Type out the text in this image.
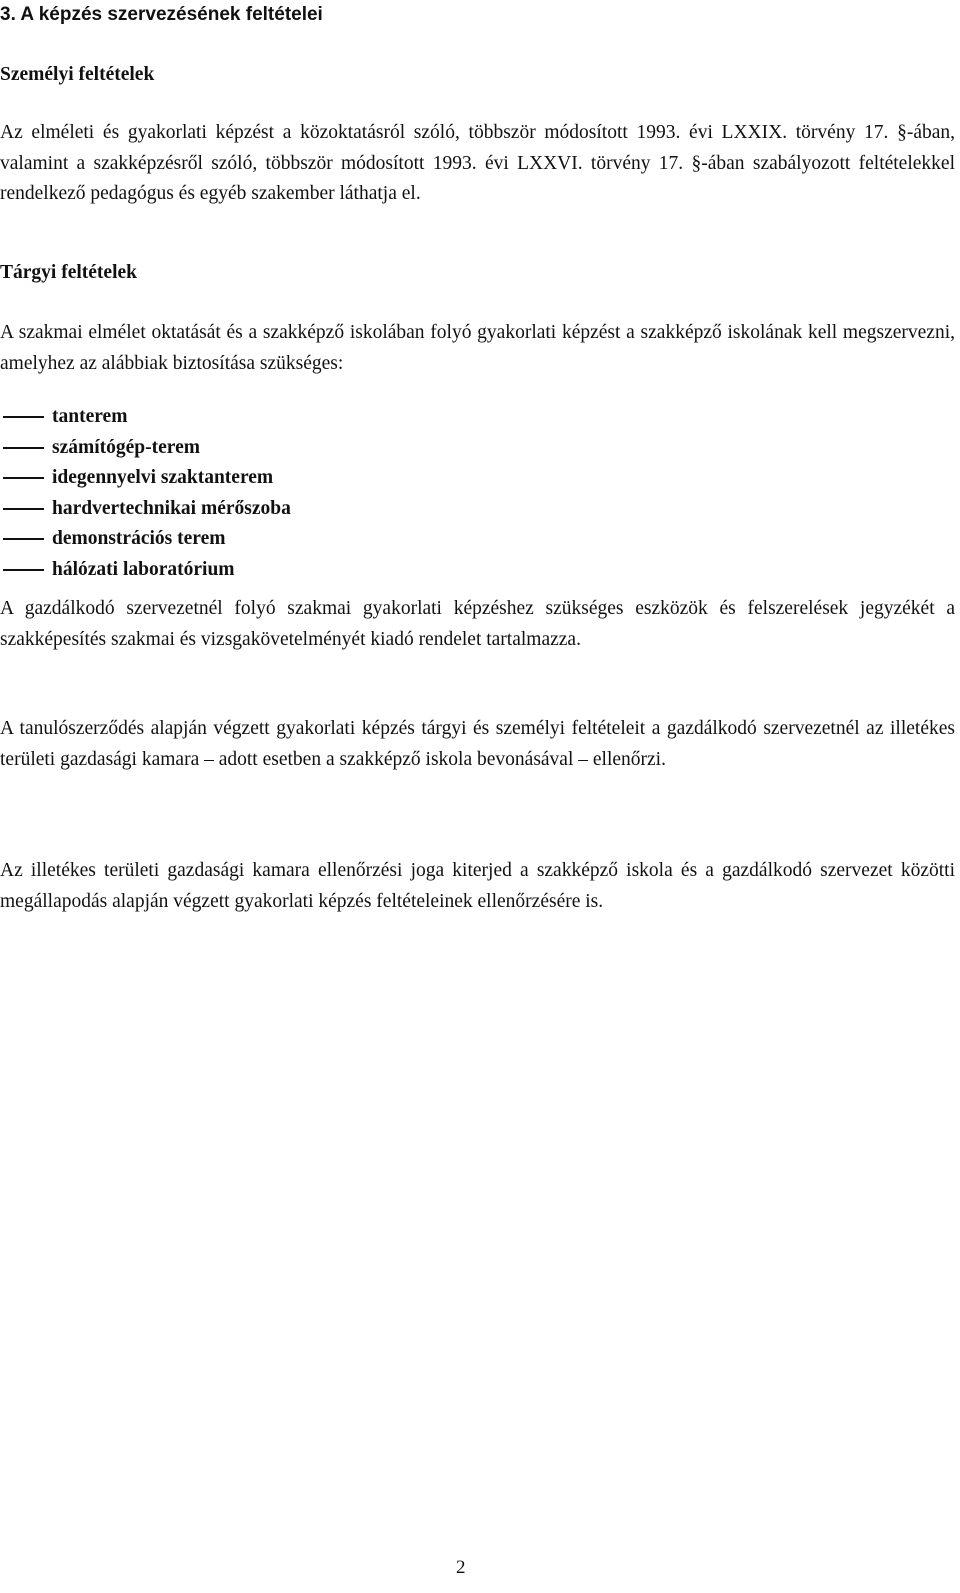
3. A képzés szervezésének feltételei
Személyi feltételek
Az elméleti és gyakorlati képzést a közoktatásról szóló, többször módosított 1993. évi LXXIX. törvény 17. §-ában, valamint a szakképzésről szóló, többször módosított 1993. évi LXXVI. törvény 17. §-ában szabályozott feltételekkel rendelkező pedagógus és egyéb szakember láthatja el.
Tárgyi feltételek
A szakmai elmélet oktatását és a szakképző iskolában folyó gyakorlati képzést a szakképző iskolának kell megszervezni, amelyhez az alábbiak biztosítása szükséges:
tanterem
számítógép-terem
idegennyelvi szaktanterem
hardvertechnikai mérőszoba
demonstrációs terem
hálózati laboratórium
A gazdálkodó szervezetnél folyó szakmai gyakorlati képzéshez szükséges eszközök és felszerelések jegyzékét a szakképesítés szakmai és vizsgakövetelményét kiadó rendelet tartalmazza.
A tanulószerződés alapján végzett gyakorlati képzés tárgyi és személyi feltételeit a gazdálkodó szervezetnél az illetékes területi gazdasági kamara – adott esetben a szakképző iskola bevonásával – ellenőrzi.
Az illetékes területi gazdasági kamara ellenőrzési joga kiterjed a szakképző iskola és a gazdálkodó szervezet közötti megállapodás alapján végzett gyakorlati képzés feltételeinek ellenőrzésére is.
2
